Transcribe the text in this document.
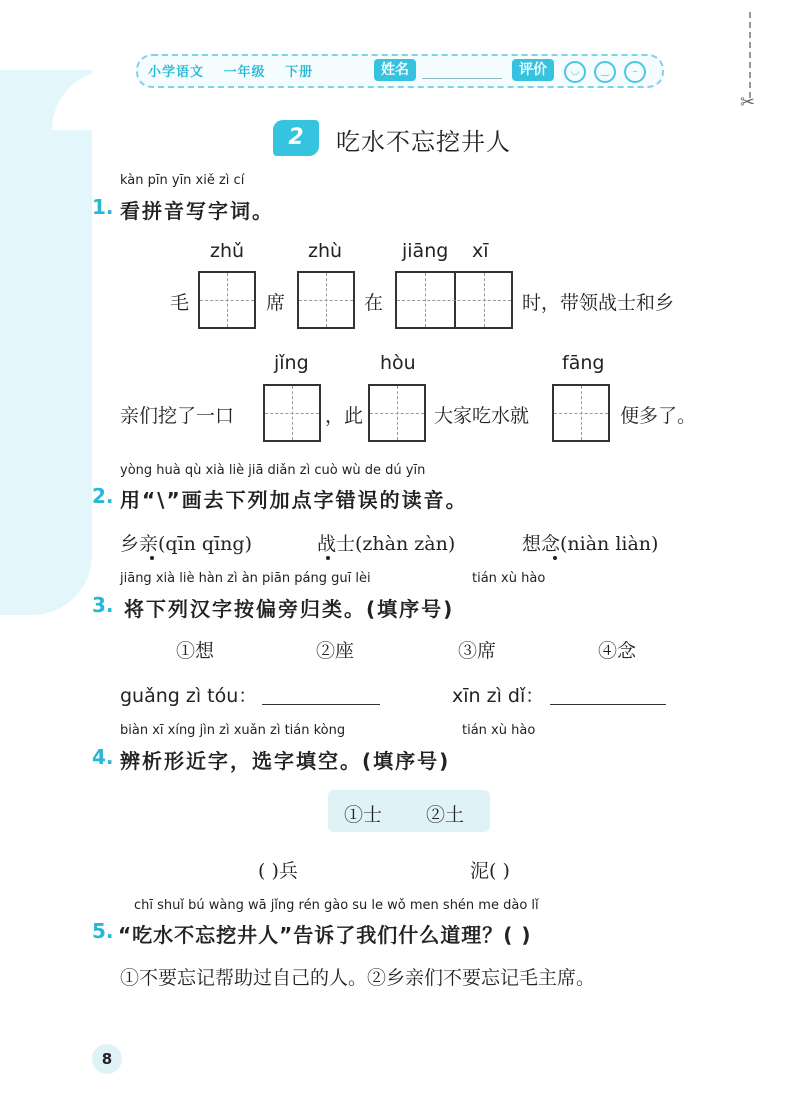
✂
小学语文 一年级 下册	姓名	评价	◡	‿	–
2	吃水不忘挖井人
kàn pīn yīn xiě zì cí
1. 看拼音写字词。
zhǔ	zhù	jiāng xī
毛	席	在	时，带领战士和乡
jǐng	hòu	fāng
亲们挖了一口	，此	大家吃水就	便多了。
yòng huà qù xià liè jiā diǎn zì cuò wù de dú yīn
2. 用“\”画去下列加点字错误的读音。
乡亲(qīn qīng)	战士(zhàn zàn)	想念(niàn liàn)
jiāng xià liè hàn zì àn piān páng guī lèi	tián xù hào
3. 将下列汉字按偏旁归类。(填序号)
①想	②座	③席	④念
guǎng zì tóu：	xīn zì dǐ：
biàn xī xíng jìn zì xuǎn zì tián kòng	tián xù hào
4. 辨析形近字，选字填空。(填序号)
①士 ②土
( )兵	泥( )
chī shuǐ bú wàng wā jǐng rén gào su le wǒ men shén me dào lǐ
5. “吃水不忘挖井人”告诉了我们什么道理？( )
①不要忘记帮助过自己的人。②乡亲们不要忘记毛主席。
8
